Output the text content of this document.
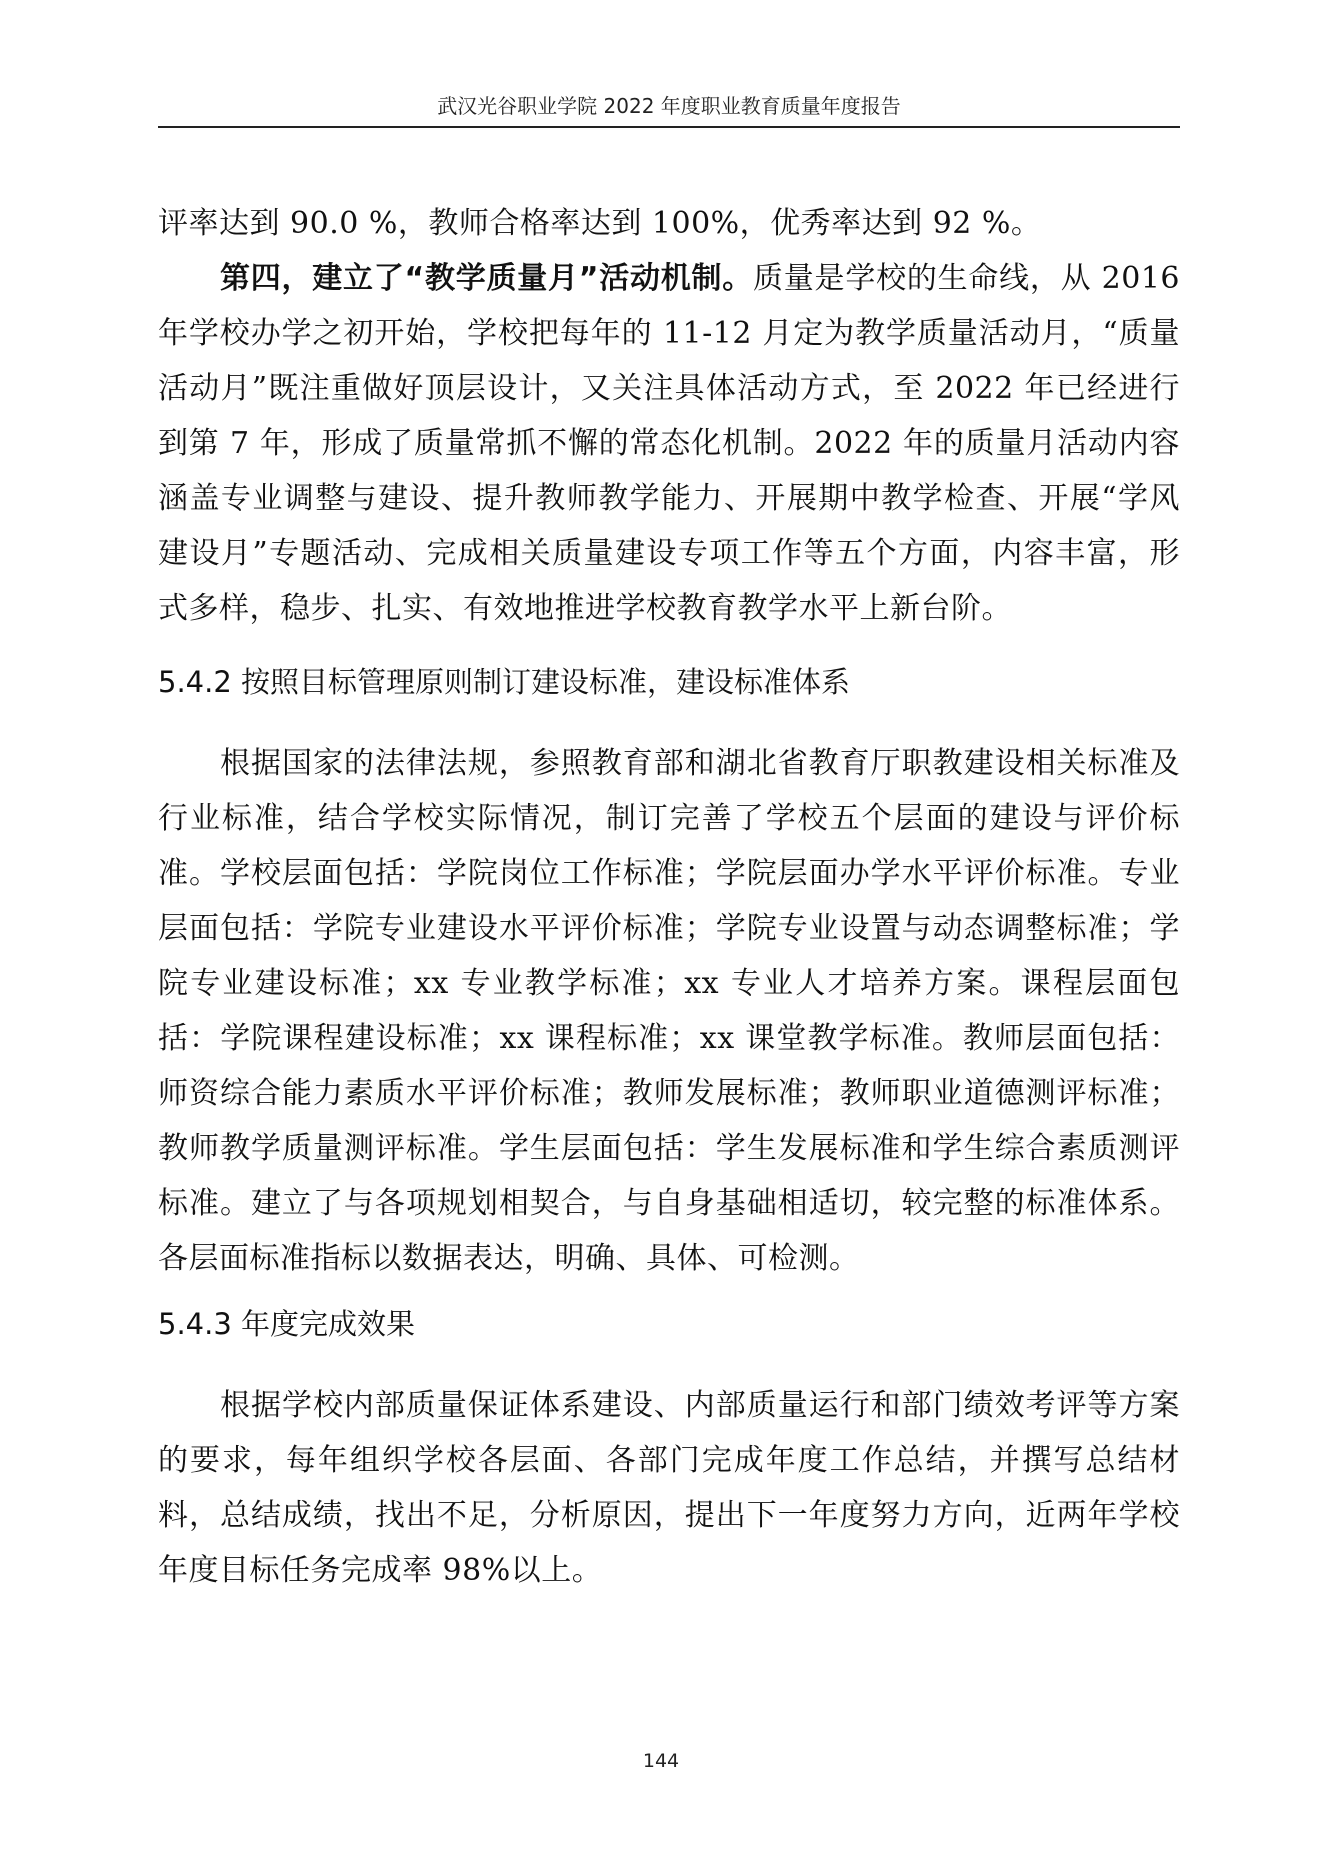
武汉光谷职业学院 2022 年度职业教育质量年度报告

评率达到 90.0 %，教师合格率达到 100%，优秀率达到 92 %。

第四，建立了“教学质量月”活动机制。质量是学校的生命线，从 2016 年学校办学之初开始，学校把每年的 11-12 月定为教学质量活动月，“质量活动月”既注重做好顶层设计，又关注具体活动方式，至 2022 年已经进行到第 7 年，形成了质量常抓不懈的常态化机制。2022 年的质量月活动内容涵盖专业调整与建设、提升教师教学能力、开展期中教学检查、开展“学风建设月”专题活动、完成相关质量建设专项工作等五个方面，内容丰富，形式多样，稳步、扎实、有效地推进学校教育教学水平上新台阶。

5.4.2 按照目标管理原则制订建设标准，建设标准体系

根据国家的法律法规，参照教育部和湖北省教育厅职教建设相关标准及行业标准，结合学校实际情况，制订完善了学校五个层面的建设与评价标准。学校层面包括：学院岗位工作标准；学院层面办学水平评价标准。专业层面包括：学院专业建设水平评价标准；学院专业设置与动态调整标准；学院专业建设标准；xx 专业教学标准；xx 专业人才培养方案。课程层面包括：学院课程建设标准；xx 课程标准；xx 课堂教学标准。教师层面包括：师资综合能力素质水平评价标准；教师发展标准；教师职业道德测评标准；教师教学质量测评标准。学生层面包括：学生发展标准和学生综合素质测评标准。建立了与各项规划相契合，与自身基础相适切，较完整的标准体系。各层面标准指标以数据表达，明确、具体、可检测。

5.4.3 年度完成效果

根据学校内部质量保证体系建设、内部质量运行和部门绩效考评等方案的要求，每年组织学校各层面、各部门完成年度工作总结，并撰写总结材料，总结成绩，找出不足，分析原因，提出下一年度努力方向，近两年学校年度目标任务完成率 98%以上。

144
